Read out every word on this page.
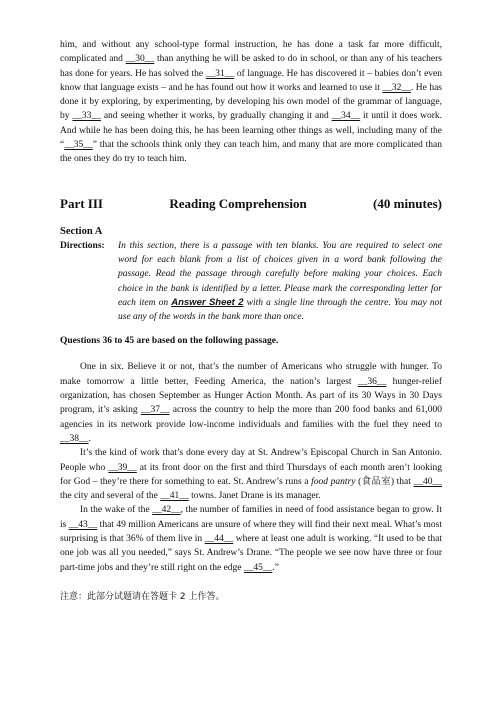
him, and without any school-type formal instruction, he has done a task far more difficult, complicated and __30__ than anything he will be asked to do in school, or than any of his teachers has done for years. He has solved the __31__ of language. He has discovered it – babies don’t even know that language exists – and he has found out how it works and learned to use it __32__. He has done it by exploring, by experimenting, by developing his own model of the grammar of language, by __33__ and seeing whether it works, by gradually changing it and __34__ it until it does work. And while he has been doing this, he has been learning other things as well, including many of the “__35__” that the schools think only they can teach him, and many that are more complicated than the ones they do try to teach him.

Part III	Reading Comprehension	(40 minutes)
Section A
Directions:	In this section, there is a passage with ten blanks. You are required to select one word for each blank from a list of choices given in a word bank following the passage. Read the passage through carefully before making your choices. Each choice in the bank is identified by a letter. Please mark the corresponding letter for each item on Answer Sheet 2 with a single line through the centre. You may not use any of the words in the bank more than once.
Questions 36 to 45 are based on the following passage.

One in six. Believe it or not, that’s the number of Americans who struggle with hunger. To make tomorrow a little better, Feeding America, the nation’s largest __36__ hunger-relief organization, has chosen September as Hunger Action Month. As part of its 30 Ways in 30 Days program, it’s asking __37__ across the country to help the more than 200 food banks and 61,000 agencies in its network provide low-income individuals and families with the fuel they need to __38__.

It’s the kind of work that’s done every day at St. Andrew’s Episcopal Church in San Antonio. People who __39__ at its front door on the first and third Thursdays of each month aren’t looking for God – they’re there for something to eat. St. Andrew’s runs a food pantry (食品室) that __40__ the city and several of the __41__ towns. Janet Drane is its manager.

In the wake of the __42__, the number of families in need of food assistance began to grow. It is __43__ that 49 million Americans are unsure of where they will find their next meal. What’s most surprising is that 36% of them live in __44__ where at least one adult is working. “It used to be that one job was all you needed,” says St. Andrew’s Drane. “The people we see now have three or four part-time jobs and they’re still right on the edge __45__.”

注意：此部分试题请在答题卡 2 上作答。
